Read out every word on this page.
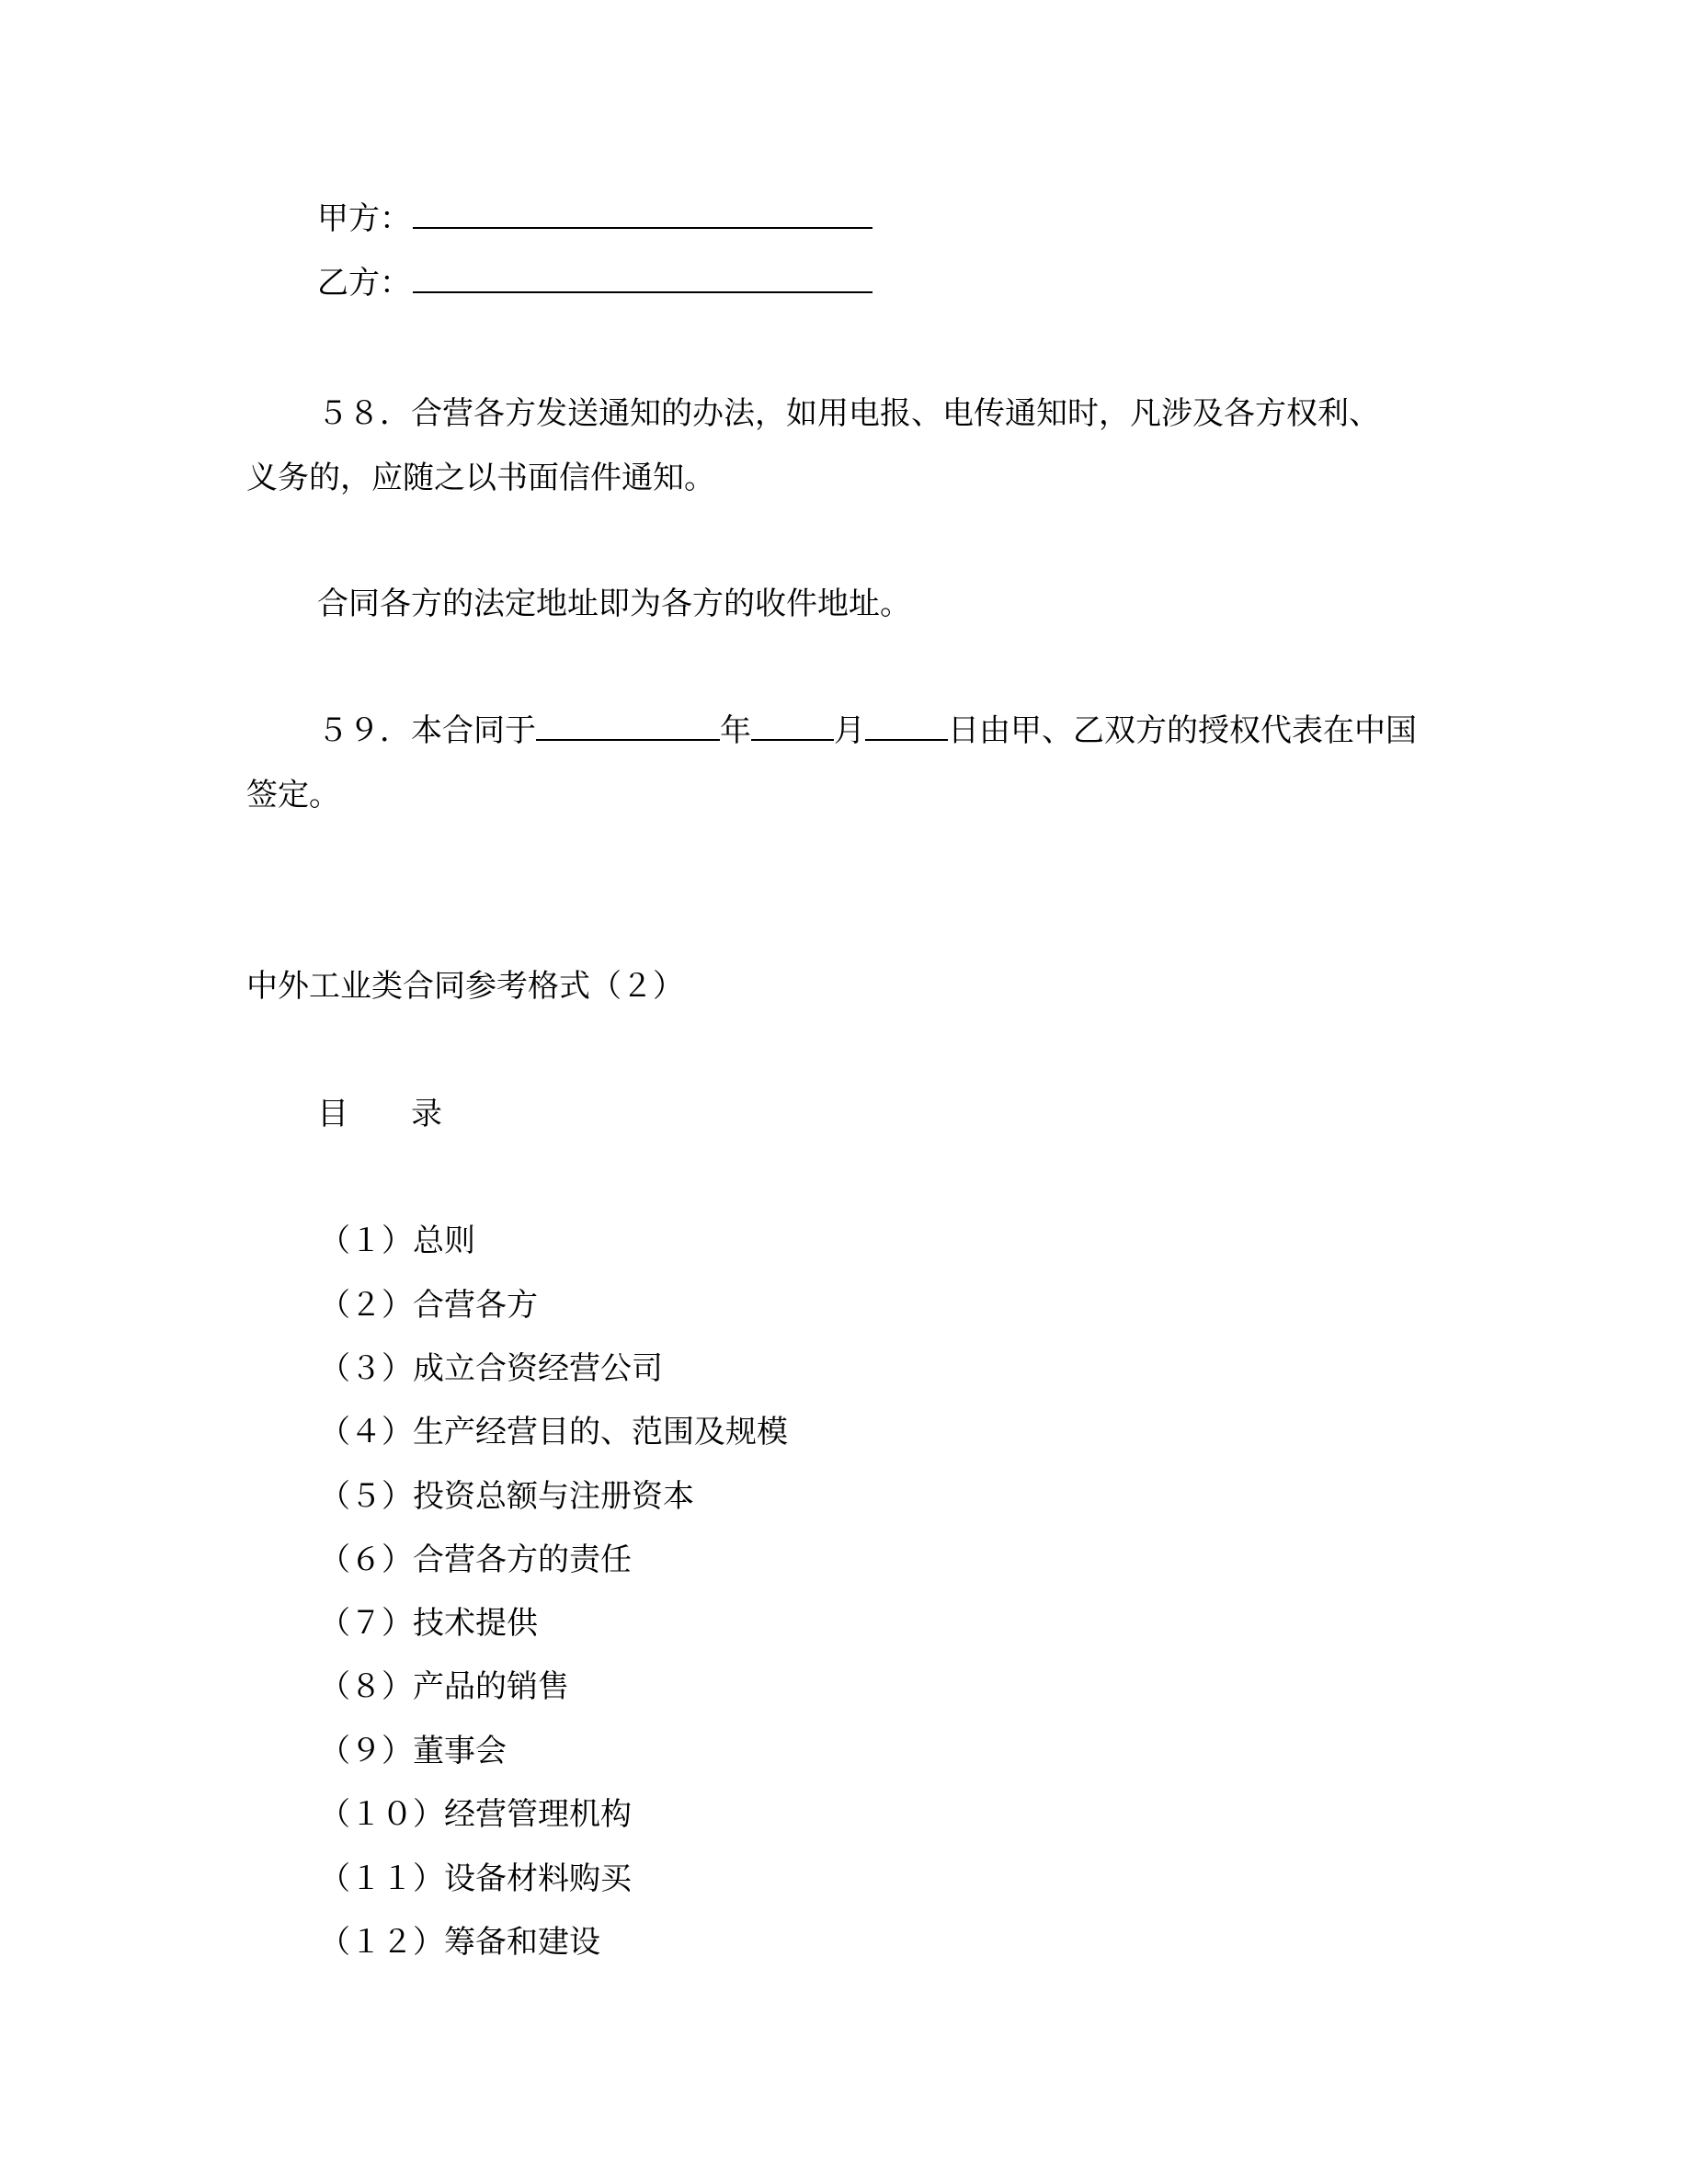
甲方：
乙方：
５８．合营各方发送通知的办法，如用电报、电传通知时，凡涉及各方权利、
义务的，应随之以书面信件通知。
合同各方的法定地址即为各方的收件地址。
５９．本合同于	年	月	日由甲、乙双方的授权代表在中国
签定。
中外工业类合同参考格式（２）
目 录
（１）总则
（２）合营各方
（３）成立合资经营公司
（４）生产经营目的、范围及规模
（５）投资总额与注册资本
（６）合营各方的责任
（７）技术提供
（８）产品的销售
（９）董事会
（１０）经营管理机构
（１１）设备材料购买
（１２）筹备和建设
